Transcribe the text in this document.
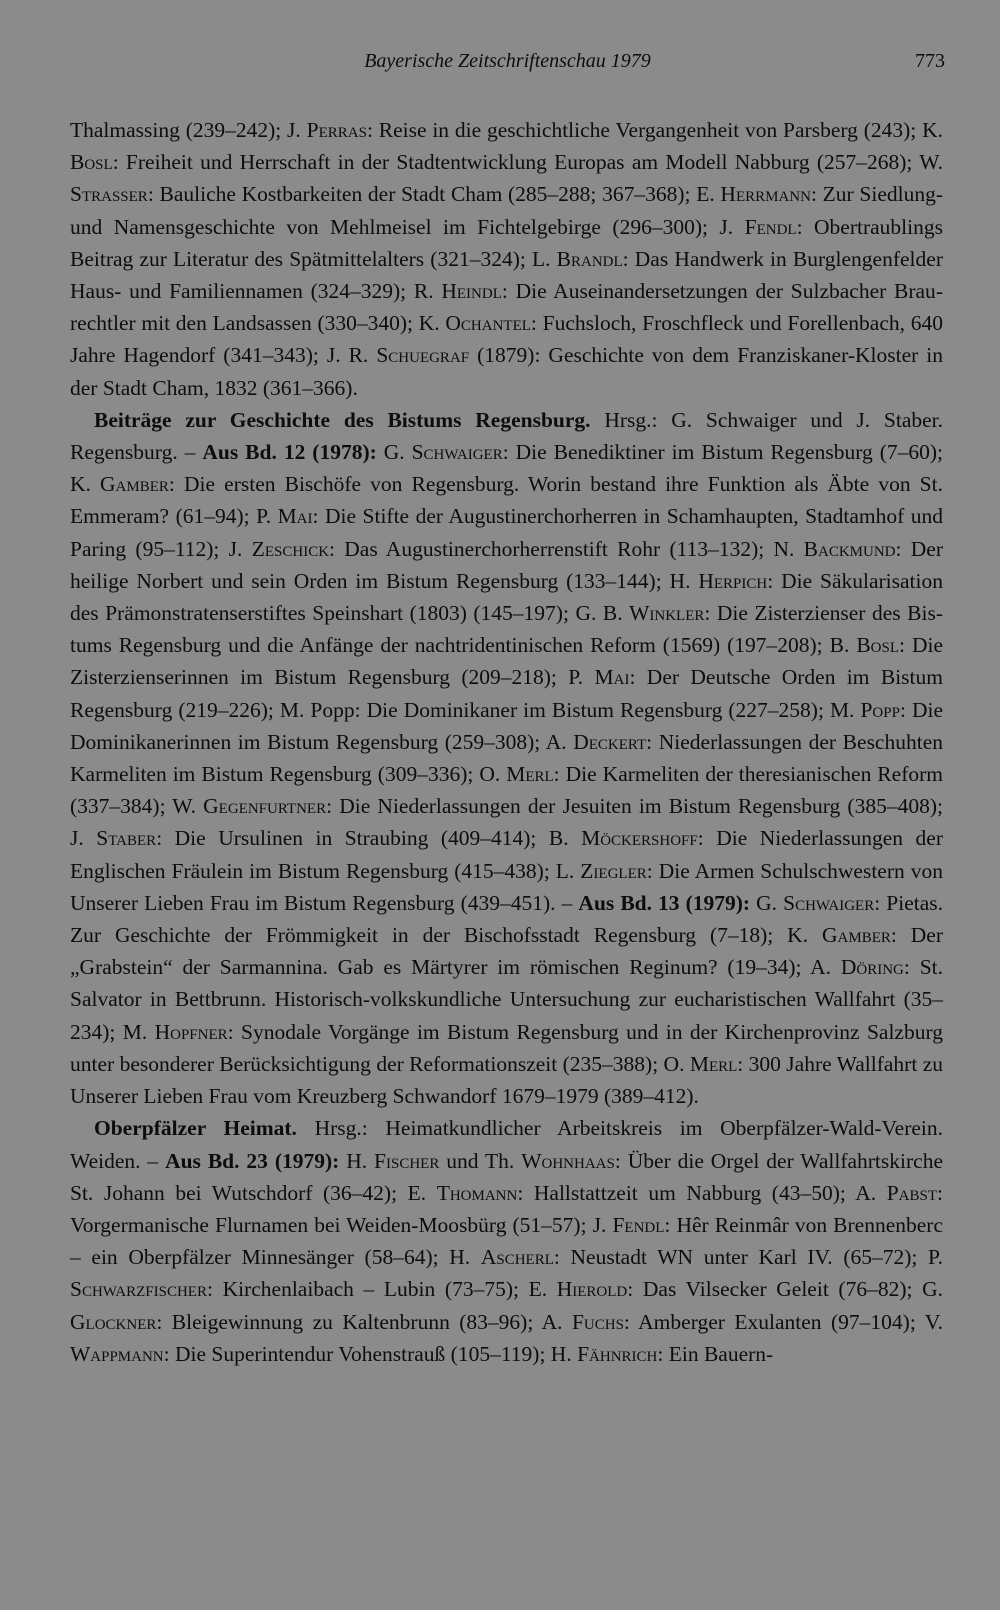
Bayerische Zeitschriftenschau 1979	773

Thalmassing (239–242); J. Perras: Reise in die geschichtliche Vergangenheit von Parsberg (243); K. Bosl: Freiheit und Herrschaft in der Stadtentwicklung Europas am Modell Nabburg (257–268); W. Strasser: Bauliche Kostbarkeiten der Stadt Cham (285–288; 367–368); E. Herrmann: Zur Siedlung- und Namensgeschichte von Mehlmeisel im Fichtelgebirge (296–300); J. Fendl: Obertraublings Beitrag zur Literatur des Spätmittelalters (321–324); L. Brandl: Das Handwerk in Burglengenfelder Haus- und Familiennamen (324–329); R. Heindl: Die Auseinandersetzungen der Sulzbacher Braurechtler mit den Landsassen (330–340); K. Ochantel: Fuchsloch, Froschfleck und Forellenbach, 640 Jahre Hagendorf (341–343); J. R. Schuegraf (1879): Geschichte von dem Franziskaner-Kloster in der Stadt Cham, 1832 (361–366).

Beiträge zur Geschichte des Bistums Regensburg. Hrsg.: G. Schwaiger und J. Staber. Regensburg. – Aus Bd. 12 (1978): G. Schwaiger: Die Benediktiner im Bistum Regensburg (7–60); K. Gamber: Die ersten Bischöfe von Regensburg. Worin bestand ihre Funktion als Äbte von St. Emmeram? (61–94); P. Mai: Die Stifte der Augustinerchorherren in Schamhaupten, Stadtamhof und Paring (95–112); J. Zeschick: Das Augustinerchorherrenstift Rohr (113–132); N. Backmund: Der heilige Norbert und sein Orden im Bistum Regensburg (133–144); H. Herpich: Die Säkularisation des Prämonstratenserstiftes Speinshart (1803) (145–197); G. B. Winkler: Die Zisterzienser des Bistums Regensburg und die Anfänge der nachtridentinischen Reform (1569) (197–208); B. Bosl: Die Zisterzienserinnen im Bistum Regensburg (209–218); P. Mai: Der Deutsche Orden im Bistum Regensburg (219–226); M. Popp: Die Dominikaner im Bistum Regensburg (227–258); M. Popp: Die Dominikanerinnen im Bistum Regensburg (259–308); A. Deckert: Niederlassungen der Beschuhten Karmeliten im Bistum Regensburg (309–336); O. Merl: Die Karmeliten der theresianischen Reform (337–384); W. Gegenfurtner: Die Niederlassungen der Jesuiten im Bistum Regensburg (385–408); J. Staber: Die Ursulinen in Straubing (409–414); B. Möckershoff: Die Niederlassungen der Englischen Fräulein im Bistum Regensburg (415–438); L. Ziegler: Die Armen Schulschwestern von Unserer Lieben Frau im Bistum Regensburg (439–451). – Aus Bd. 13 (1979): G. Schwaiger: Pietas. Zur Geschichte der Frömmigkeit in der Bischofsstadt Regensburg (7–18); K. Gamber: Der „Grabstein“ der Sarmannina. Gab es Märtyrer im römischen Reginum? (19–34); A. Döring: St. Salvator in Bettbrunn. Historisch-volkskundliche Untersuchung zur eucharistischen Wallfahrt (35–234); M. Hopfner: Synodale Vorgänge im Bistum Regensburg und in der Kirchenprovinz Salzburg unter besonderer Berücksichtigung der Reformationszeit (235–388); O. Merl: 300 Jahre Wallfahrt zu Unserer Lieben Frau vom Kreuzberg Schwandorf 1679–1979 (389–412).

Oberpfälzer Heimat. Hrsg.: Heimatkundlicher Arbeitskreis im Oberpfälzer-Wald-Verein. Weiden. – Aus Bd. 23 (1979): H. Fischer und Th. Wohnhaas: Über die Orgel der Wallfahrtskirche St. Johann bei Wutschdorf (36–42); E. Thomann: Hallstattzeit um Nabburg (43–50); A. Pabst: Vorgermanische Flurnamen bei Weiden-Moosbürg (51–57); J. Fendl: Hêr Reinmâr von Brennenberc – ein Oberpfälzer Minnesänger (58–64); H. Ascherl: Neustadt WN unter Karl IV. (65–72); P. Schwarzfischer: Kirchenlaibach – Lubin (73–75); E. Hierold: Das Vilsecker Geleit (76–82); G. Glockner: Bleigewinnung zu Kaltenbrunn (83–96); A. Fuchs: Amberger Exulanten (97–104); V. Wappmann: Die Superintendur Vohenstrauß (105–119); H. Fähnrich: Ein Bauern-
